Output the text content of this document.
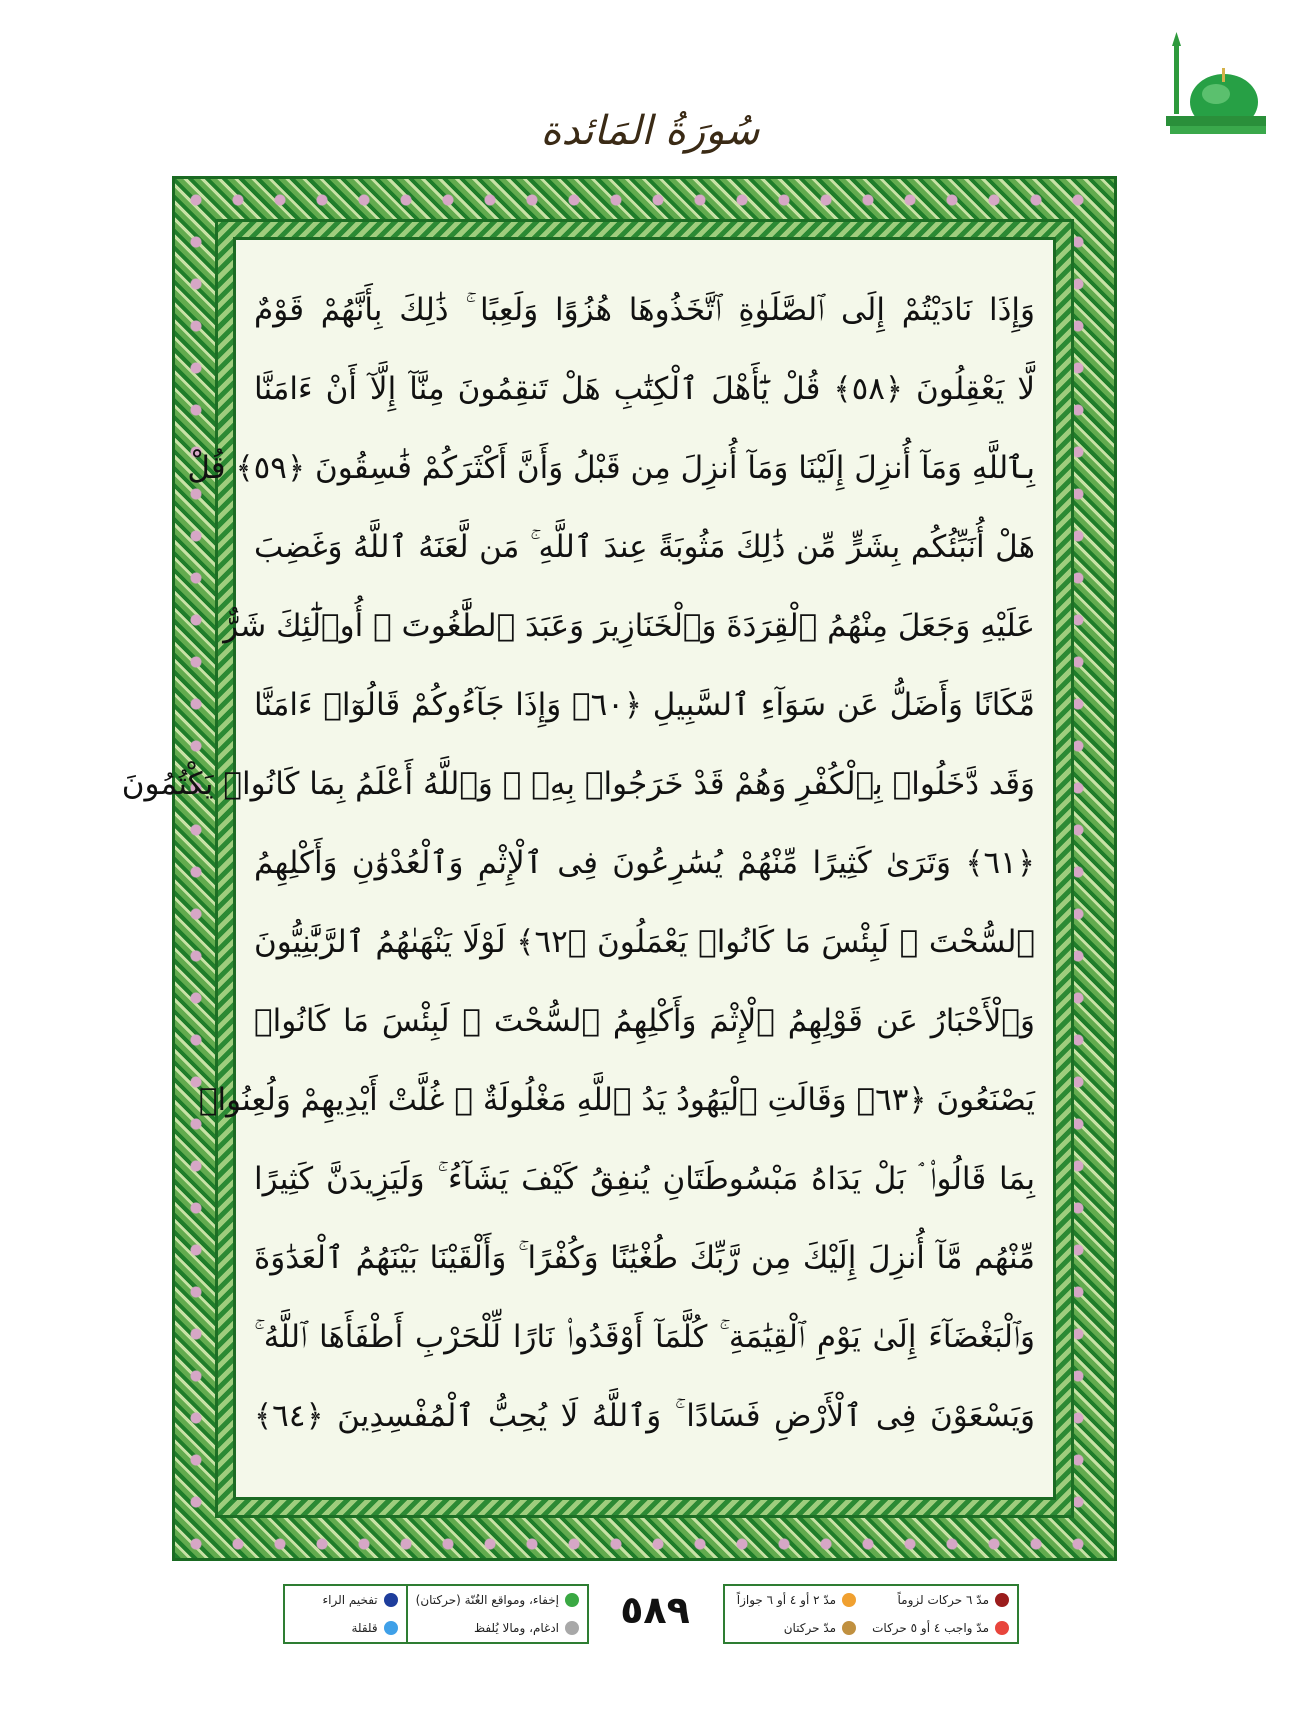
سُورَةُ المَائدة
وَإِذَا نَادَيْتُمْ إِلَى ٱلصَّلَوٰةِ ٱتَّخَذُوهَا هُزُوًا وَلَعِبًا ۚ ذَٰلِكَ بِأَنَّهُمْ قَوْمٌ
لَّا يَعْقِلُونَ ﴿٥٨﴾ قُلْ يَٰٓأَهْلَ ٱلْكِتَٰبِ هَلْ تَنقِمُونَ مِنَّآ إِلَّآ أَنْ ءَامَنَّا
بِٱللَّهِ وَمَآ أُنزِلَ إِلَيْنَا وَمَآ أُنزِلَ مِن قَبْلُ وَأَنَّ أَكْثَرَكُمْ فَٰسِقُونَ ﴿٥٩﴾ قُلْ
هَلْ أُنَبِّئُكُم بِشَرٍّ مِّن ذَٰلِكَ مَثُوبَةً عِندَ ٱللَّهِ ۚ مَن لَّعَنَهُ ٱللَّهُ وَغَضِبَ
عَلَيْهِ وَجَعَلَ مِنْهُمُ ٱلْقِرَدَةَ وَٱلْخَنَازِيرَ وَعَبَدَ ٱلطَّٰغُوتَ ۚ أُو۟لَٰٓئِكَ شَرٌّ
مَّكَانًا وَأَضَلُّ عَن سَوَآءِ ٱلسَّبِيلِ ﴿٦٠﴾ وَإِذَا جَآءُوكُمْ قَالُوٓا۟ ءَامَنَّا
وَقَد دَّخَلُوا۟ بِٱلْكُفْرِ وَهُمْ قَدْ خَرَجُوا۟ بِهِۦ ۚ وَٱللَّهُ أَعْلَمُ بِمَا كَانُوا۟ يَكْتُمُونَ
﴿٦١﴾ وَتَرَىٰ كَثِيرًا مِّنْهُمْ يُسَٰرِعُونَ فِى ٱلْإِثْمِ وَٱلْعُدْوَٰنِ وَأَكْلِهِمُ
ٱلسُّحْتَ ۚ لَبِئْسَ مَا كَانُوا۟ يَعْمَلُونَ ﴿٦٢﴾ لَوْلَا يَنْهَىٰهُمُ ٱلرَّبَّٰنِيُّونَ
وَٱلْأَحْبَارُ عَن قَوْلِهِمُ ٱلْإِثْمَ وَأَكْلِهِمُ ٱلسُّحْتَ ۚ لَبِئْسَ مَا كَانُوا۟
يَصْنَعُونَ ﴿٦٣﴾ وَقَالَتِ ٱلْيَهُودُ يَدُ ٱللَّهِ مَغْلُولَةٌ ۚ غُلَّتْ أَيْدِيهِمْ وَلُعِنُوا۟
بِمَا قَالُوا۟ ۘ بَلْ يَدَاهُ مَبْسُوطَتَانِ يُنفِقُ كَيْفَ يَشَآءُ ۚ وَلَيَزِيدَنَّ كَثِيرًا
مِّنْهُم مَّآ أُنزِلَ إِلَيْكَ مِن رَّبِّكَ طُغْيَٰنًا وَكُفْرًا ۚ وَأَلْقَيْنَا بَيْنَهُمُ ٱلْعَدَٰوَةَ
وَٱلْبَغْضَآءَ إِلَىٰ يَوْمِ ٱلْقِيَٰمَةِ ۚ كُلَّمَآ أَوْقَدُوا۟ نَارًا لِّلْحَرْبِ أَطْفَأَهَا ٱللَّهُ ۚ
وَيَسْعَوْنَ فِى ٱلْأَرْضِ فَسَادًا ۚ وَٱللَّهُ لَا يُحِبُّ ٱلْمُفْسِدِينَ ﴿٦٤﴾
مدّ ٦ حركات لزوماً
مدّ ٢ أو ٤ أو ٦ جوازاً
مدّ واجب ٤ أو ٥ حركات
مدّ حركتان
٥٨٩
إخفاء، ومواقع الغُنّة (حركتان)
تفخيم الراء
ادغام، ومالا يُلفظ
قلقلة
